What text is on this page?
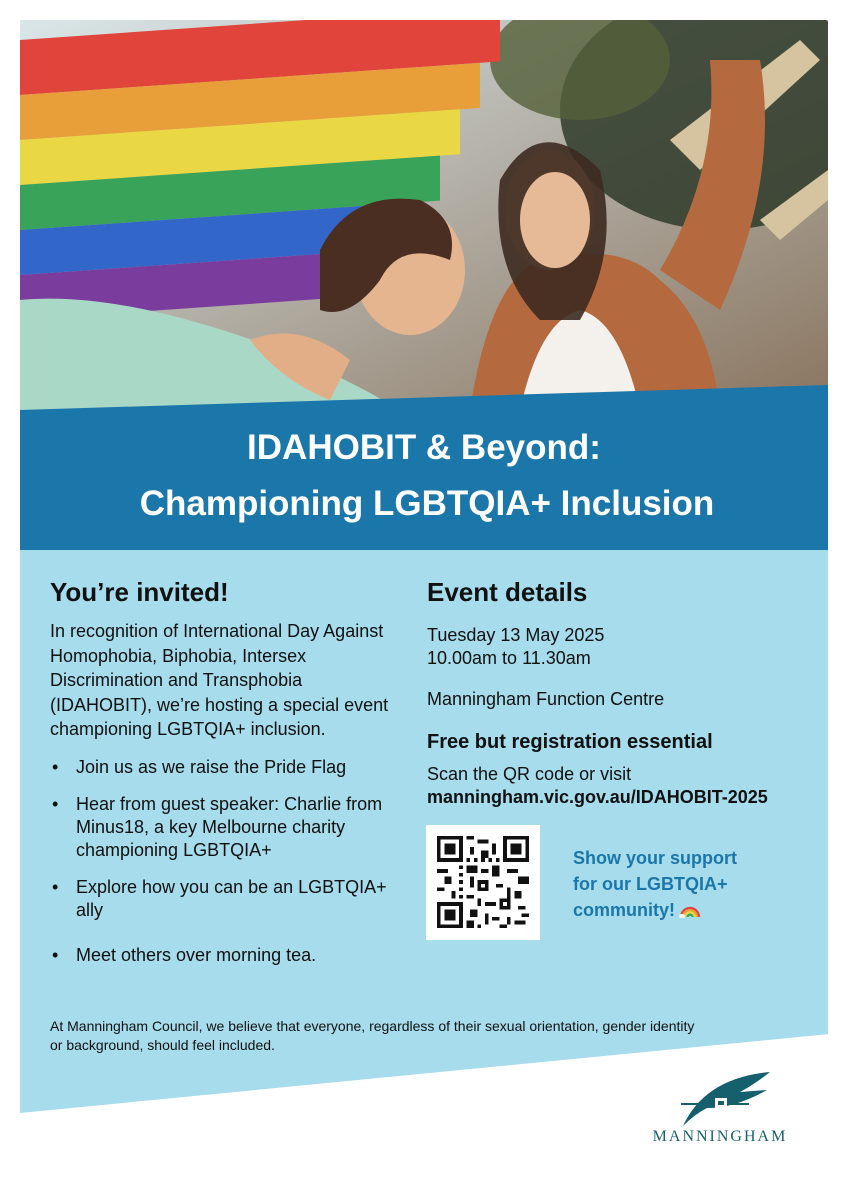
IDAHOBIT & Beyond:
Championing LGBTQIA+ Inclusion
You’re invited!

In recognition of International Day Against Homophobia, Biphobia, Intersex Discrimination and Transphobia (IDAHOBIT), we’re hosting a special event championing LGBTQIA+ inclusion.

• Join us as we raise the Pride Flag
• Hear from guest speaker: Charlie from Minus18, a key Melbourne charity championing LGBTQIA+
• Explore how you can be an LGBTQIA+ ally
• Meet others over morning tea.
At Manningham Council, we believe that everyone, regardless of their sexual orientation, gender identity or background, should feel included.
Event details
Tuesday 13 May 2025
10.00am to 11.30am
Manningham Function Centre
Free but registration essential
Scan the QR code or visit
manningham.vic.gov.au/IDAHOBIT-2025
Show your support
for our LGBTQIA+
community!
MANNINGHAM
